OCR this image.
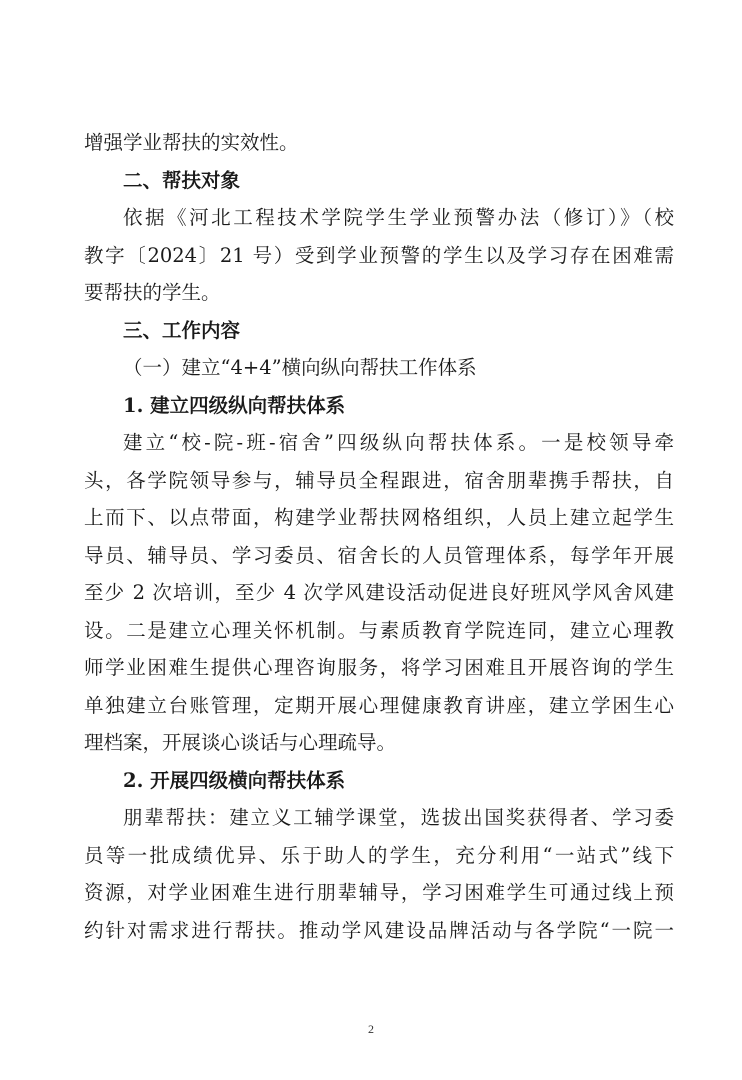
增强学业帮扶的实效性。

二、帮扶对象

依据《河北工程技术学院学生学业预警办法（修订）》（校

教字〔2024〕21 号）受到学业预警的学生以及学习存在困难需

要帮扶的学生。

三、工作内容

（一）建立“4+4”横向纵向帮扶工作体系

1. 建立四级纵向帮扶体系

建立“校-院-班-宿舍”四级纵向帮扶体系。一是校领导牵

头，各学院领导参与，辅导员全程跟进，宿舍朋辈携手帮扶，自

上而下、以点带面，构建学业帮扶网格组织，人员上建立起学生

导员、辅导员、学习委员、宿舍长的人员管理体系，每学年开展

至少 2 次培训，至少 4 次学风建设活动促进良好班风学风舍风建

设。二是建立心理关怀机制。与素质教育学院连同，建立心理教

师学业困难生提供心理咨询服务，将学习困难且开展咨询的学生

单独建立台账管理，定期开展心理健康教育讲座，建立学困生心

理档案，开展谈心谈话与心理疏导。

2. 开展四级横向帮扶体系

朋辈帮扶：建立义工辅学课堂，选拔出国奖获得者、学习委

员等一批成绩优异、乐于助人的学生，充分利用“一站式”线下

资源，对学业困难生进行朋辈辅导，学习困难学生可通过线上预

约针对需求进行帮扶。推动学风建设品牌活动与各学院“一院一

2
